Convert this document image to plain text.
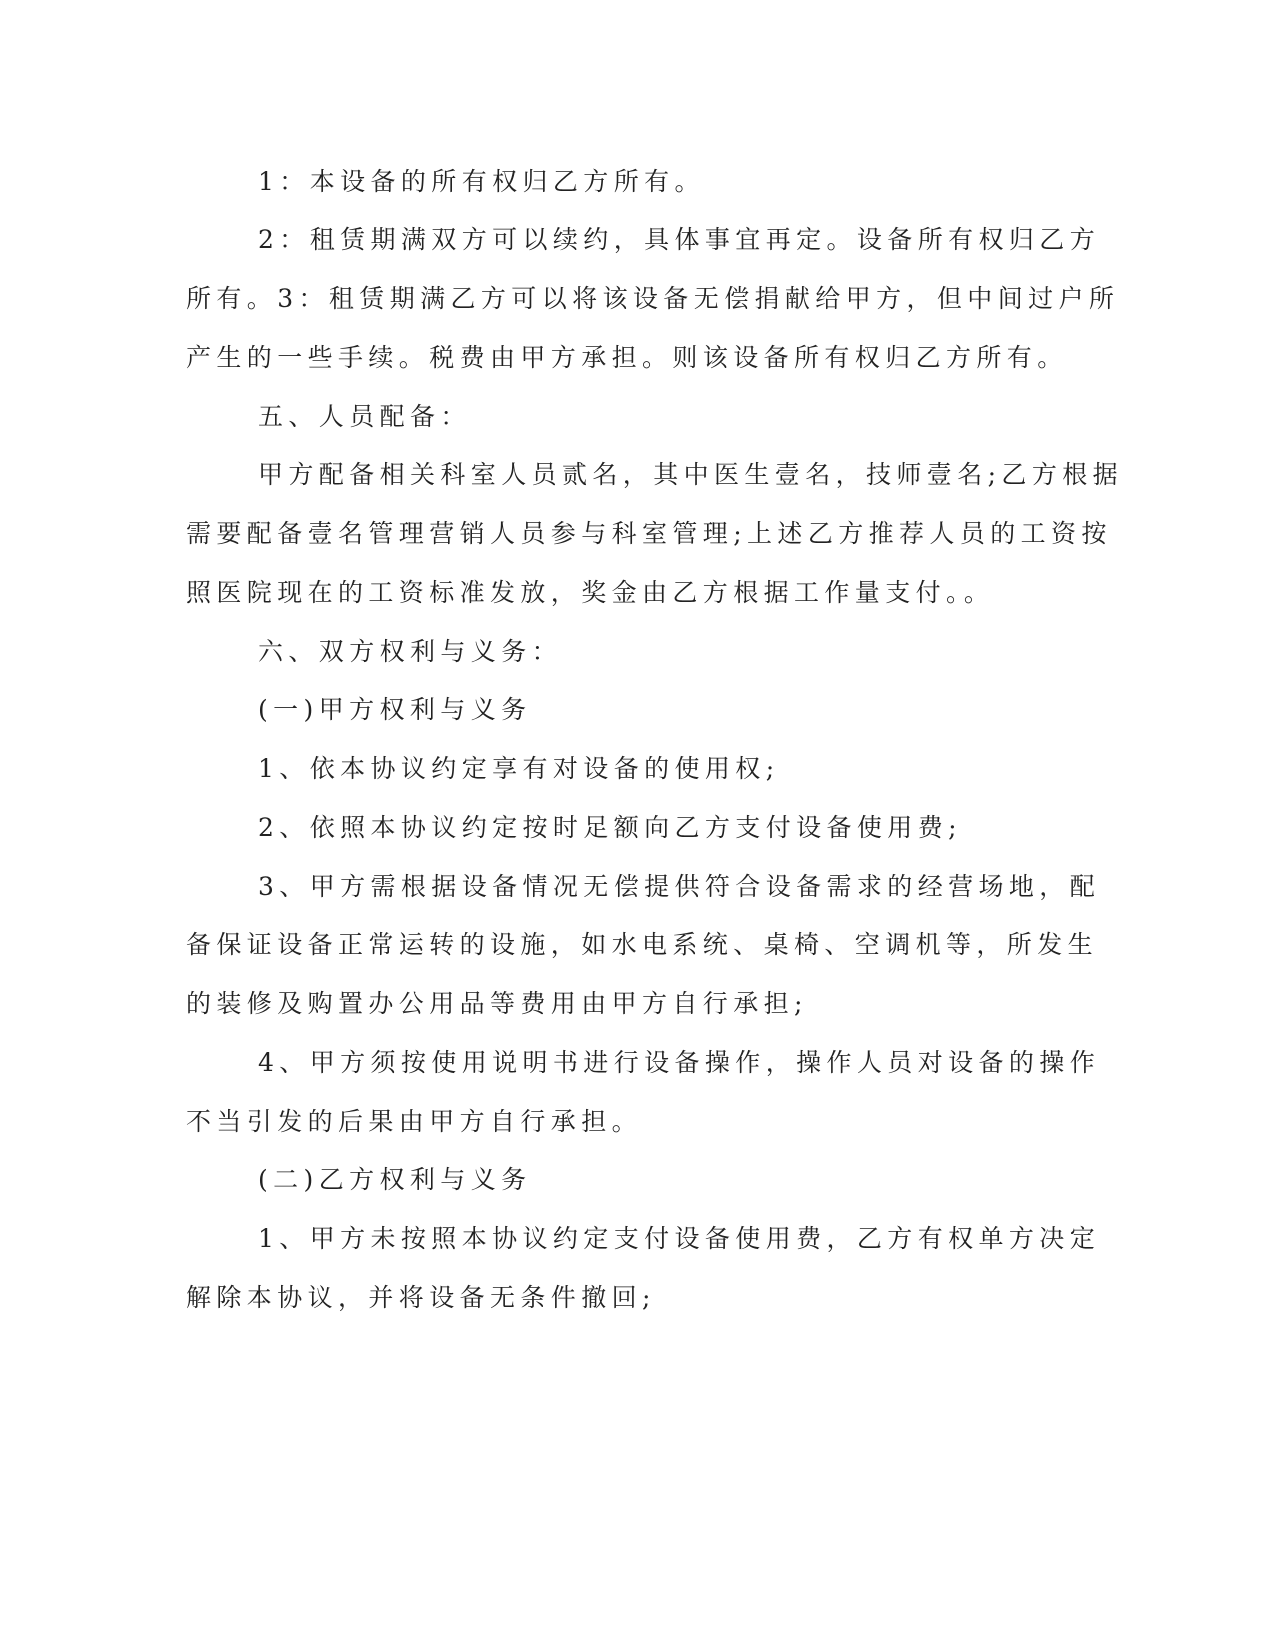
1：本设备的所有权归乙方所有。
2：租赁期满双方可以续约，具体事宜再定。设备所有权归乙方
所有。3：租赁期满乙方可以将该设备无偿捐献给甲方，但中间过户所
产生的一些手续。税费由甲方承担。则该设备所有权归乙方所有。
五、人员配备：
甲方配备相关科室人员贰名，其中医生壹名，技师壹名;乙方根据
需要配备壹名管理营销人员参与科室管理;上述乙方推荐人员的工资按
照医院现在的工资标准发放，奖金由乙方根据工作量支付。。
六、双方权利与义务：
(一)甲方权利与义务
1、依本协议约定享有对设备的使用权;
2、依照本协议约定按时足额向乙方支付设备使用费;
3、甲方需根据设备情况无偿提供符合设备需求的经营场地，配
备保证设备正常运转的设施，如水电系统、桌椅、空调机等，所发生
的装修及购置办公用品等费用由甲方自行承担;
4、甲方须按使用说明书进行设备操作，操作人员对设备的操作
不当引发的后果由甲方自行承担。
(二)乙方权利与义务
1、甲方未按照本协议约定支付设备使用费，乙方有权单方决定
解除本协议，并将设备无条件撤回;
